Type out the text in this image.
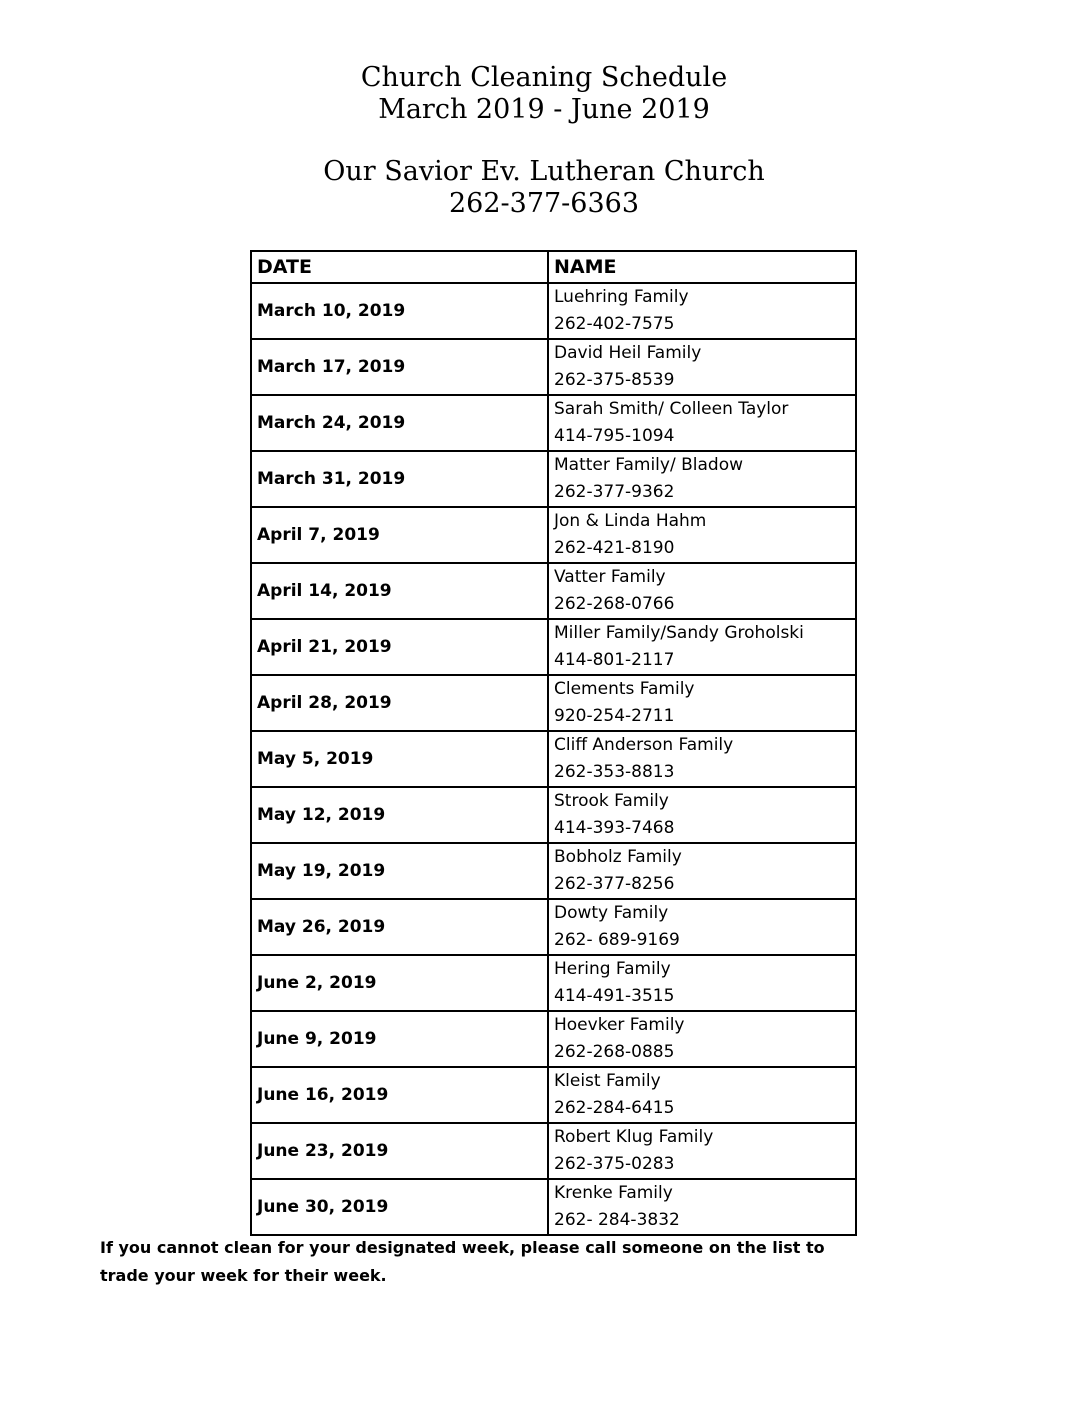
Church Cleaning Schedule
March 2019 - June 2019
Our Savior Ev. Lutheran Church
262-377-6363
DATE	NAME
March 10, 2019	Luehring Family
262-402-7575

March 17, 2019	David Heil Family
262-375-8539

March 24, 2019	Sarah Smith/ Colleen Taylor
414-795-1094

March 31, 2019	Matter Family/ Bladow
262-377-9362

April 7, 2019	Jon & Linda Hahm
262-421-8190

April 14, 2019	Vatter Family
262-268-0766

April 21, 2019	Miller Family/Sandy Groholski
414-801-2117

April 28, 2019	Clements Family
920-254-2711

May 5, 2019	Cliff Anderson Family
262-353-8813

May 12, 2019	Strook Family
414-393-7468

May 19, 2019	Bobholz Family
262-377-8256

May 26, 2019	Dowty Family
262- 689-9169

June 2, 2019	Hering Family
414-491-3515

June 9, 2019	Hoevker Family
262-268-0885

June 16, 2019	Kleist Family
262-284-6415

June 23, 2019	Robert Klug Family
262-375-0283

June 30, 2019	Krenke Family
262- 284-3832
If you cannot clean for your designated week, please call someone on the list to trade your week for their week.
